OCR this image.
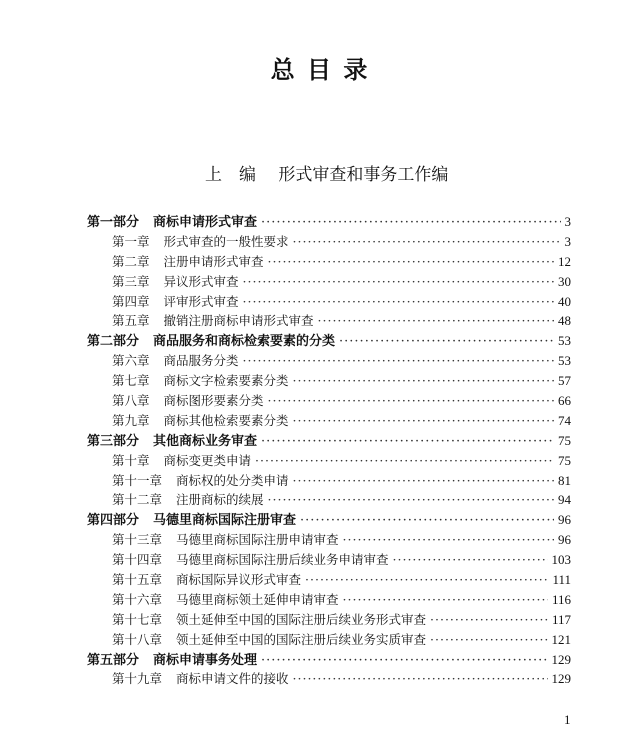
总 目 录
上　编　 形式审查和事务工作编
第一部分 商标申请形式审查 ·····	3
第一章 形式审查的一般性要求 ·····	3
第二章 注册申请形式审查 ·····	12
第三章 异议形式审查 ·····	30
第四章 评审形式审查 ·····	40
第五章 撤销注册商标申请形式审查 ·····	48
第二部分 商品服务和商标检索要素的分类 ·····	53
第六章 商品服务分类 ·····	53
第七章 商标文字检索要素分类 ·····	57
第八章 商标图形要素分类 ·····	66
第九章 商标其他检索要素分类 ·····	74
第三部分 其他商标业务审查 ·····	75
第十章 商标变更类申请 ·····	75
第十一章 商标权的处分类申请 ·····	81
第十二章 注册商标的续展 ·····	94
第四部分 马德里商标国际注册审查 ·····	96
第十三章 马德里商标国际注册申请审查 ·····	96
第十四章 马德里商标国际注册后续业务申请审查 ·····	103
第十五章 商标国际异议形式审查 ·····	111
第十六章 马德里商标领土延伸申请审查 ·····	116
第十七章 领土延伸至中国的国际注册后续业务形式审查 ·····	117
第十八章 领土延伸至中国的国际注册后续业务实质审查 ·····	121
第五部分 商标申请事务处理 ·····	129
第十九章 商标申请文件的接收 ·····	129
1
